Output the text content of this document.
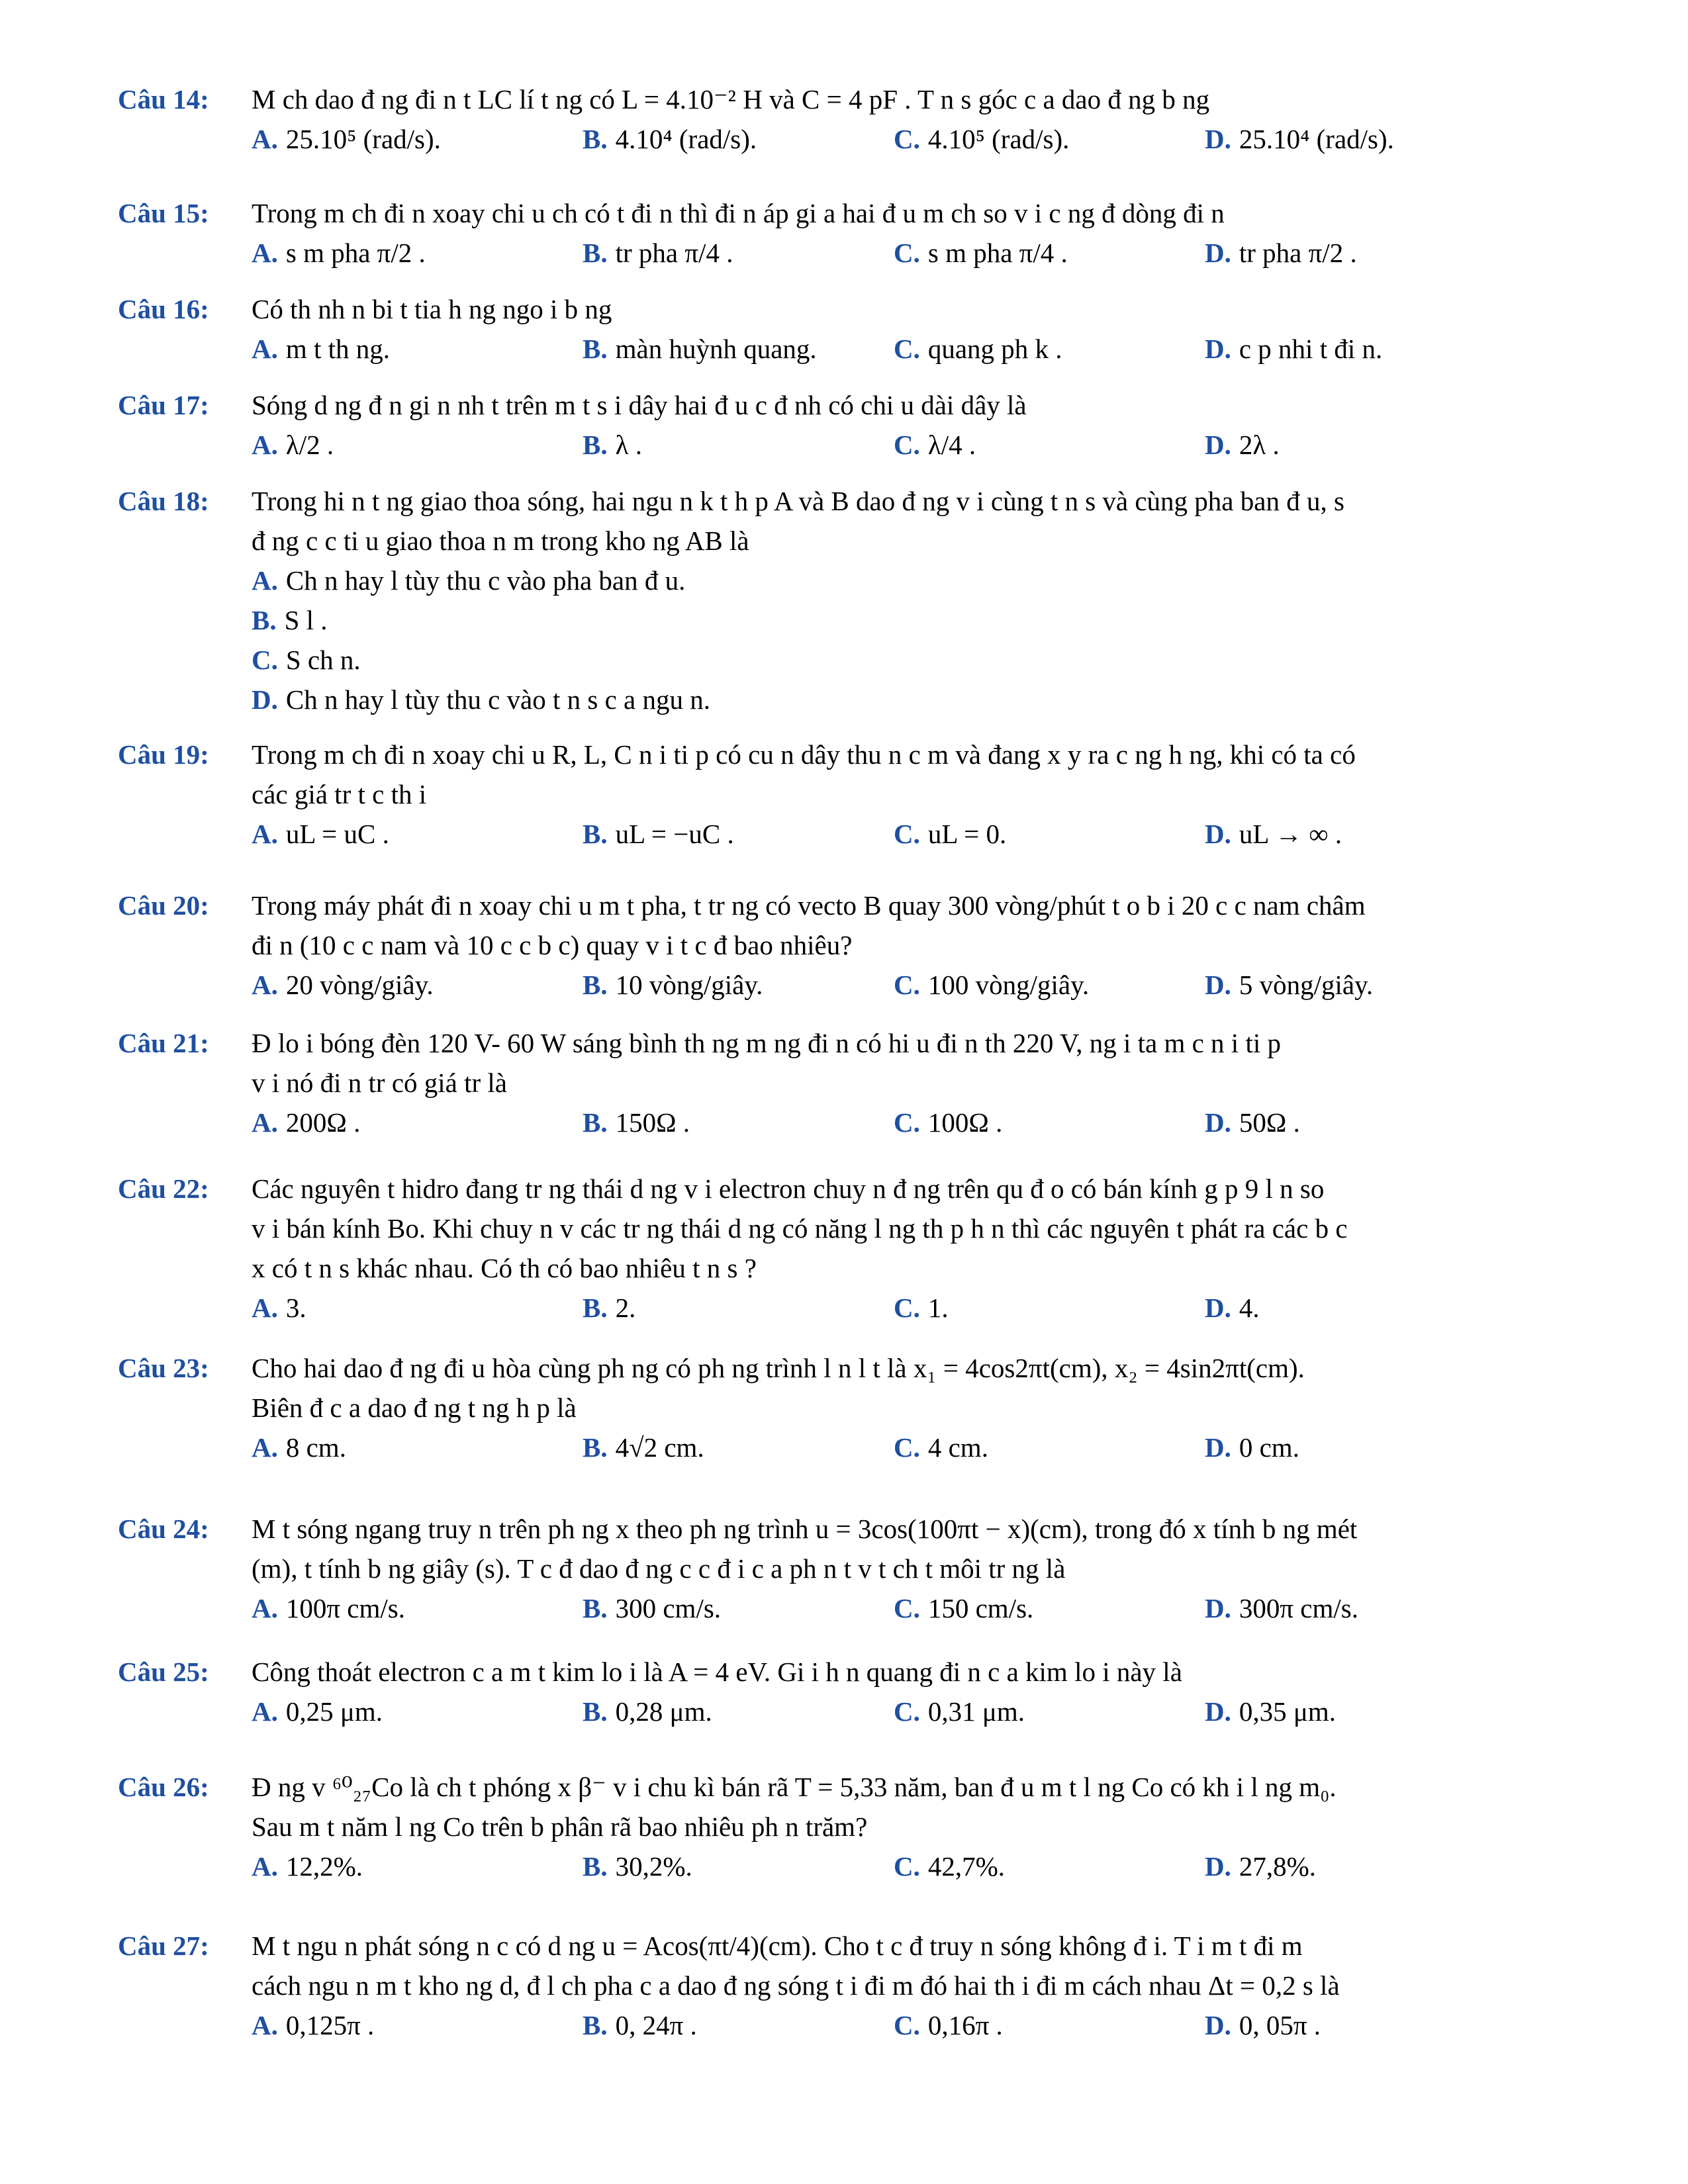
Câu 14: M ch dao đ ng đi n t LC lí t ng có L = 4.10⁻² H và C = 4 pF . T n s góc c a dao đ ng b ng
A. 25.10⁵ (rad/s).	B. 4.10⁴ (rad/s).	C. 4.10⁵ (rad/s).	D. 25.10⁴ (rad/s).
Câu 15: Trong m ch đi n xoay chi u ch có t đi n thì đi n áp gi a hai đ u m ch so v i c ng đ dòng đi n
A. s m pha π/2 .	B. tr pha π/4 .	C. s m pha π/4 .	D. tr pha π/2 .
Câu 16: Có th nh n bi t tia h ng ngo i b ng
A. m t th ng.	B. màn huỳnh quang.	C. quang ph k .	D. c p nhi t đi n.
Câu 17: Sóng d ng đ n gi n nh t trên m t s i dây hai đ u c đ nh có chi u dài dây là
A. λ/2 .	B. λ .	C. λ/4 .	D. 2λ .
Câu 18: Trong hi n t ng giao thoa sóng, hai ngu n k t h p A và B dao đ ng v i cùng t n s và cùng pha ban đ u, s
đ ng c c ti u giao thoa n m trong kho ng AB là
A. Ch n hay l tùy thu c vào pha ban đ u.
B. S l .
C. S ch n.
D. Ch n hay l tùy thu c vào t n s c a ngu n.
Câu 19: Trong m ch đi n xoay chi u R, L, C n i ti p có cu n dây thu n c m và đang x y ra c ng h ng, khi có ta có
các giá tr t c th i
A. uL = uC .	B. uL = −uC .	C. uL = 0.	D. uL → ∞ .
Câu 20: Trong máy phát đi n xoay chi u m t pha, t tr ng có vecto B quay 300 vòng/phút t o b i 20 c c nam châm
đi n (10 c c nam và 10 c c b c) quay v i t c đ bao nhiêu?
A. 20 vòng/giây.	B. 10 vòng/giây.	C. 100 vòng/giây.	D. 5 vòng/giây.
Câu 21: Đ lo i bóng đèn 120 V- 60 W sáng bình th ng m ng đi n có hi u đi n th 220 V, ng i ta m c n i ti p
v i nó đi n tr có giá tr là
A. 200Ω .	B. 150Ω .	C. 100Ω .	D. 50Ω .
Câu 22: Các nguyên t hidro đang tr ng thái d ng v i electron chuy n đ ng trên qu đ o có bán kính g p 9 l n so
v i bán kính Bo. Khi chuy n v các tr ng thái d ng có năng l ng th p h n thì các nguyên t phát ra các b c
x có t n s khác nhau. Có th có bao nhiêu t n s ?
A. 3.	B. 2.	C. 1.	D. 4.
Câu 23: Cho hai dao đ ng đi u hòa cùng ph ng có ph ng trình l n l t là x₁ = 4cos2πt(cm), x₂ = 4sin2πt(cm).
Biên đ c a dao đ ng t ng h p là
A. 8 cm.	B. 4√2 cm.	C. 4 cm.	D. 0 cm.
Câu 24: M t sóng ngang truy n trên ph ng x theo ph ng trình u = 3cos(100πt − x)(cm), trong đó x tính b ng mét
(m), t tính b ng giây (s). T c đ dao đ ng c c đ i c a ph n t v t ch t môi tr ng là
A. 100π cm/s.	B. 300 cm/s.	C. 150 cm/s.	D. 300π cm/s.
Câu 25: Công thoát electron c a m t kim lo i là A = 4 eV. Gi i h n quang đi n c a kim lo i này là
A. 0,25 μm.	B. 0,28 μm.	C. 0,31 μm.	D. 0,35 μm.
Câu 26: Đ ng v ⁶⁰₂₇Co là ch t phóng x β⁻ v i chu kì bán rã T = 5,33 năm, ban đ u m t l ng Co có kh i l ng m₀.
Sau m t năm l ng Co trên b phân rã bao nhiêu ph n trăm?
A. 12,2%.	B. 30,2%.	C. 42,7%.	D. 27,8%.
Câu 27: M t ngu n phát sóng n c có d ng u = Acos(πt/4)(cm). Cho t c đ truy n sóng không đ i. T i m t đi m
cách ngu n m t kho ng d, đ l ch pha c a dao đ ng sóng t i đi m đó hai th i đi m cách nhau Δt = 0,2 s là
A. 0,125π .	B. 0, 24π .	C. 0,16π .	D. 0, 05π .
